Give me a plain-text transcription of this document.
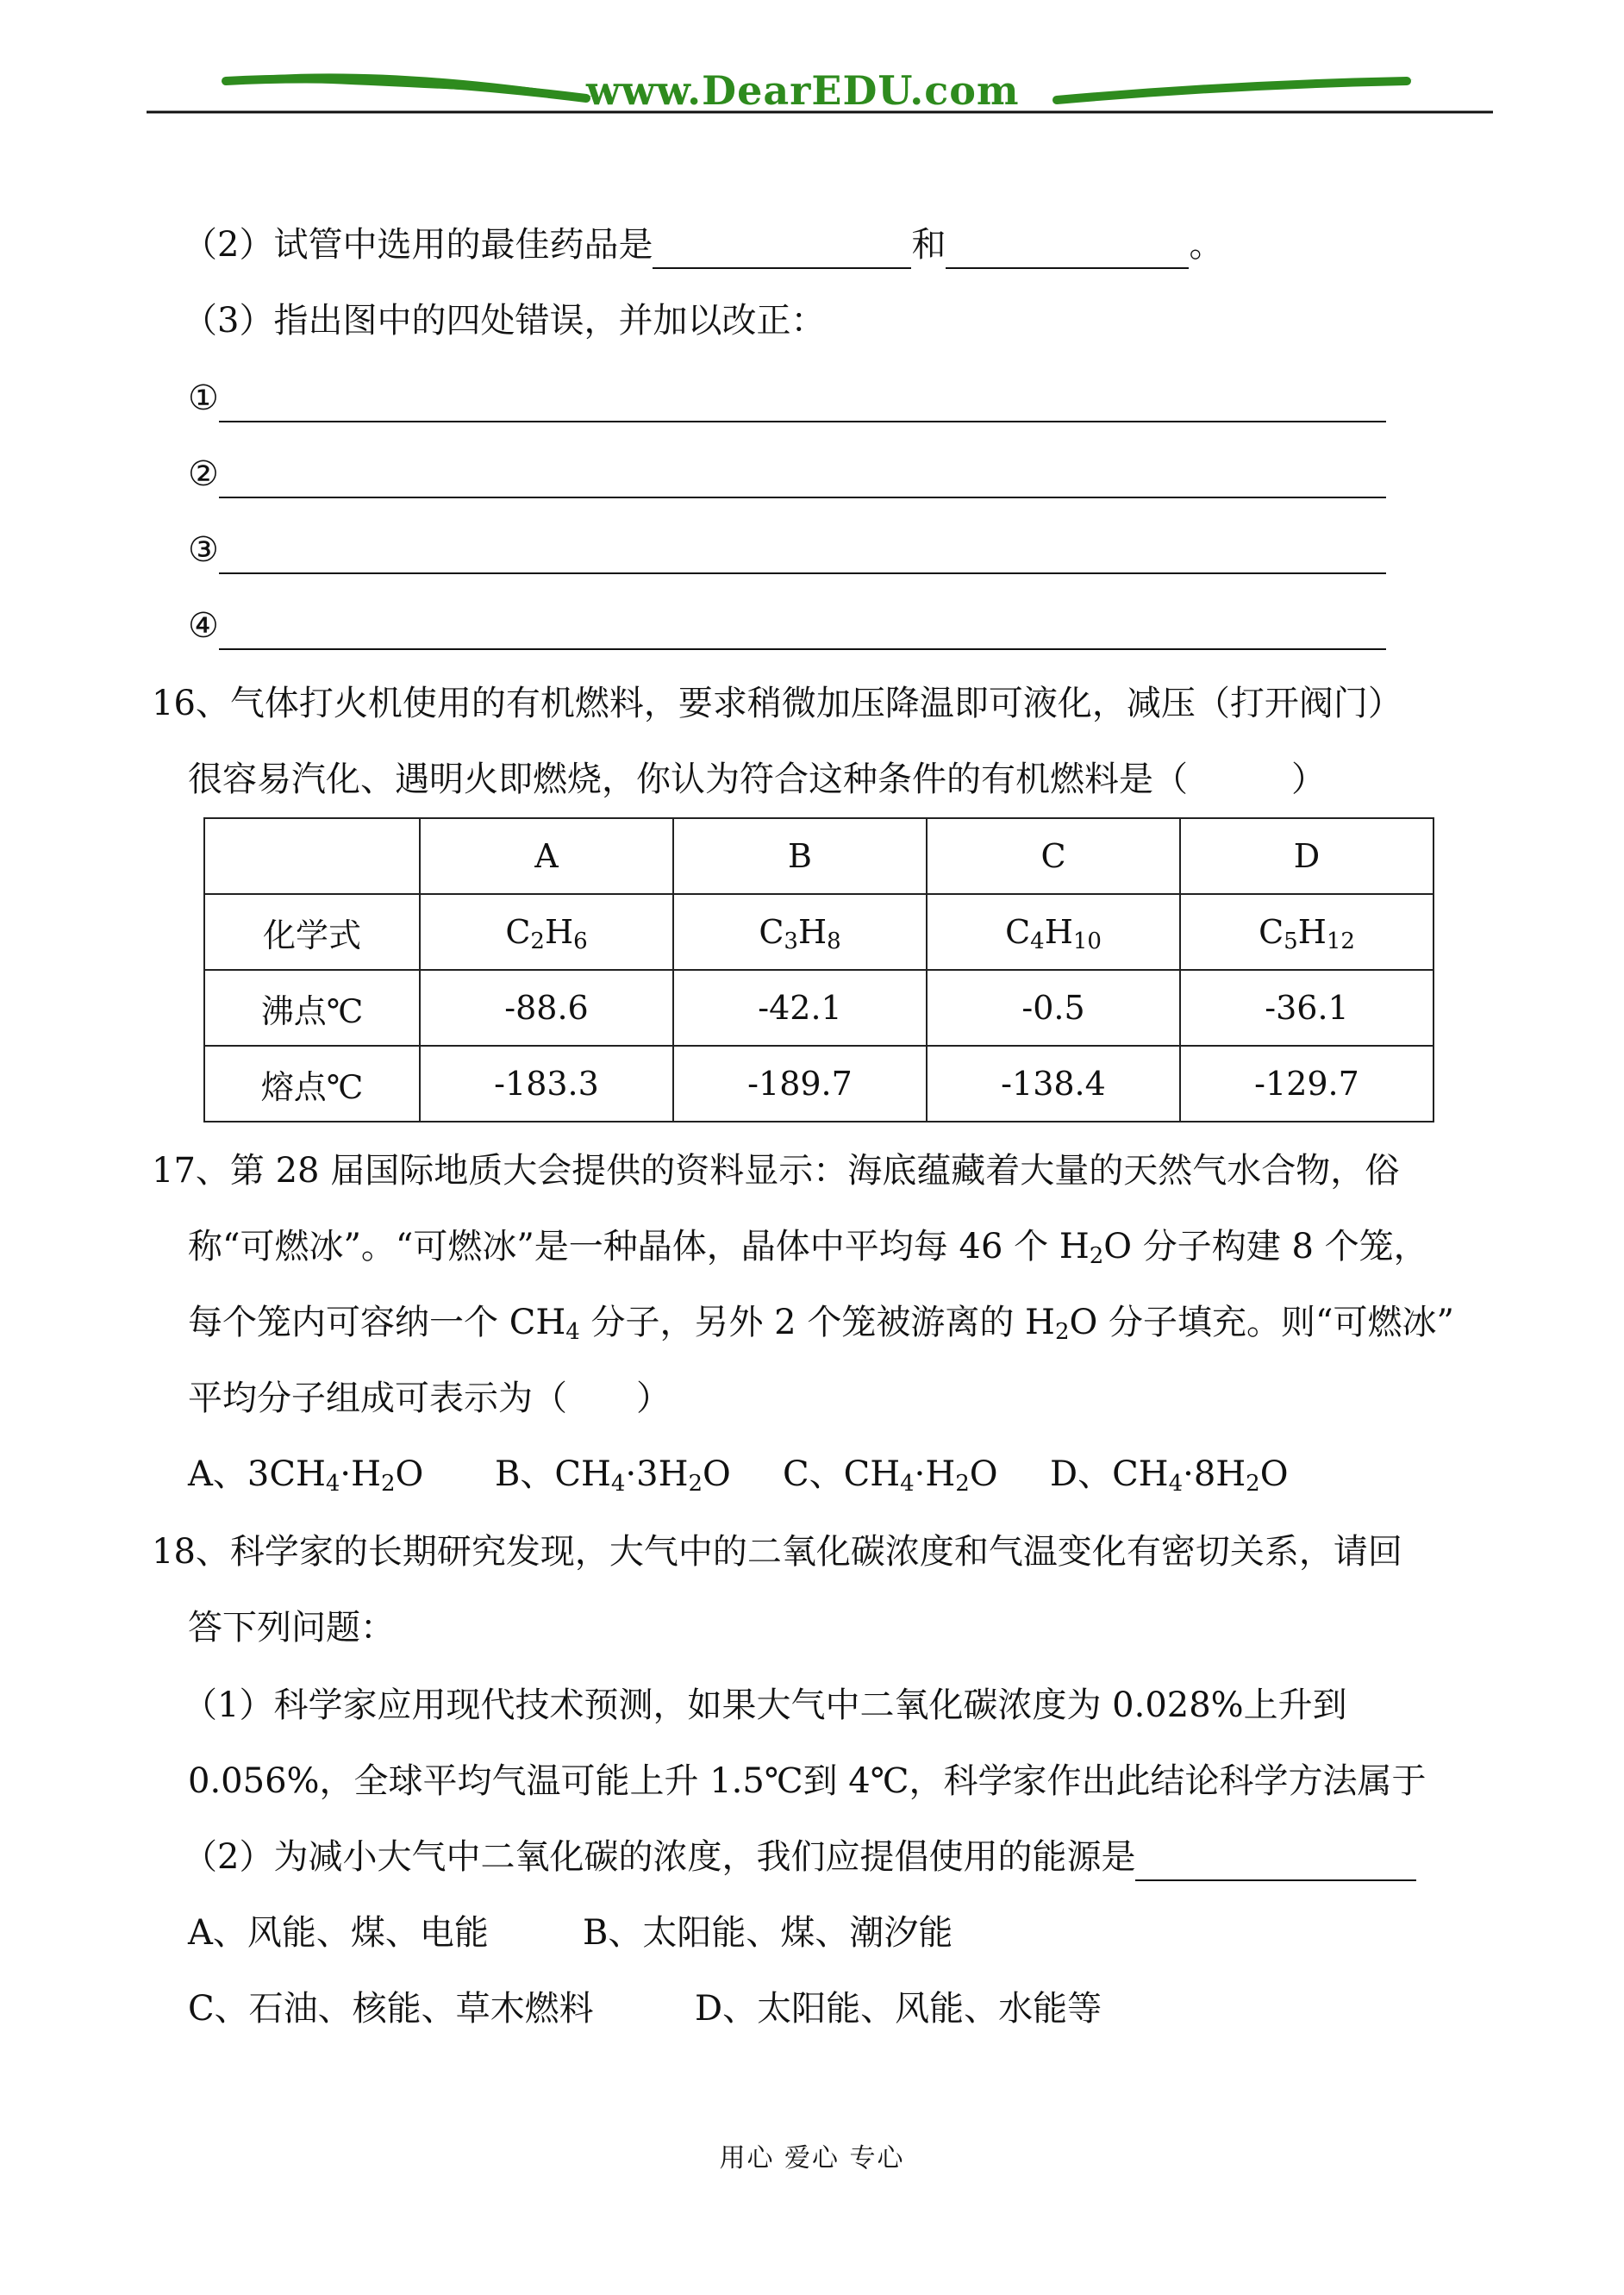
www.DearEDU.com
（2）试管中选用的最佳药品是	和	。
（3）指出图中的四处错误，并加以改正：
①
②
③
④
16、气体打火机使用的有机燃料，要求稍微加压降温即可液化，减压（打开阀门）
很容易汽化、遇明火即燃烧，你认为符合这种条件的有机燃料是（　　　）
	A	B	C	D
化学式	$C_2H_6$	$C_3H_8$	$C_4H_{10}$	$C_5H_{12}$
沸点℃	-88.6	-42.1	-0.5	-36.1
熔点℃	-183.3	-189.7	-138.4	-129.7
17、第 28 届国际地质大会提供的资料显示：海底蕴藏着大量的天然气水合物，俗
称“可燃冰”。“可燃冰”是一种晶体，晶体中平均每 46 个 $H_2O$ 分子构建 8 个笼，
每个笼内可容纳一个 $CH_4$ 分子，另外 2 个笼被游离的 $H_2O$ 分子填充。则“可燃冰”
平均分子组成可表示为（　　）
A、$3CH_4\cdot H_2O$ B、$CH_4\cdot 3H_2O$ C、$CH_4\cdot H_2O$ D、$CH_4\cdot 8H_2O$
18、科学家的长期研究发现，大气中的二氧化碳浓度和气温变化有密切关系，请回
答下列问题：
（1）科学家应用现代技术预测，如果大气中二氧化碳浓度为 0.028%上升到
0.056%，全球平均气温可能上升 1.5℃到 4℃，科学家作出此结论科学方法属于
（2）为减小大气中二氧化碳的浓度，我们应提倡使用的能源是
A、风能、煤、电能	B、太阳能、煤、潮汐能
C、石油、核能、草木燃料	D、太阳能、风能、水能等
用心 爱心 专心
